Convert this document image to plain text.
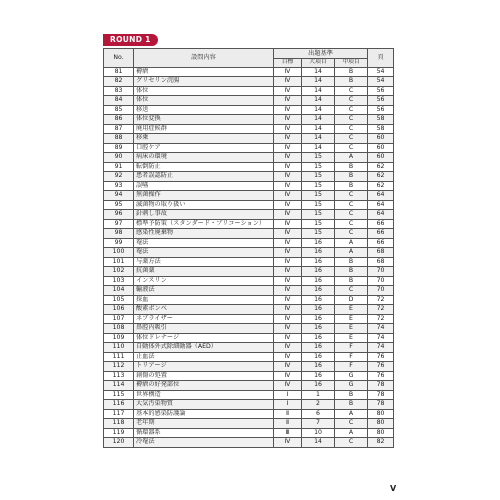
ROUND 1
No.	設問内容	出題基準			頁
		目標	大項目	中項目	
81	褥瘡	Ⅳ	14	B	54
82	グリセリン浣腸	Ⅳ	14	B	54
83	体位	Ⅳ	14	C	56
84	体位	Ⅳ	14	C	56
85	移送	Ⅳ	14	C	56
86	体位変換	Ⅳ	14	C	58
87	廃用症候群	Ⅳ	14	C	58
88	移乗	Ⅳ	14	C	60
89	口腔ケア	Ⅳ	14	C	60
90	病床の環境	Ⅳ	15	A	60
91	転倒防止	Ⅳ	15	B	62
92	患者誤認防止	Ⅳ	15	B	62
93	誤嚥	Ⅳ	15	B	62
94	無菌操作	Ⅳ	15	C	64
95	滅菌物の取り扱い	Ⅳ	15	C	64
96	針刺し事故	Ⅳ	15	C	64
97	標準予防策（スタンダード・プリコーション）	Ⅳ	15	C	66
98	感染性廃棄物	Ⅳ	15	C	66
99	罨法	Ⅳ	16	A	66
100	罨法	Ⅳ	16	A	68
101	与薬方法	Ⅳ	16	B	68
102	抗菌薬	Ⅳ	16	B	70
103	インスリン	Ⅳ	16	B	70
104	輸液法	Ⅳ	16	C	70
105	採血	Ⅳ	16	D	72
106	酸素ボンベ	Ⅳ	16	E	72
107	ネブライザー	Ⅳ	16	E	72
108	鼻腔内吸引	Ⅳ	16	E	74
109	体位ドレナージ	Ⅳ	16	E	74
110	自動体外式除細動器（AED）	Ⅳ	16	F	74
111	止血法	Ⅳ	16	F	76
112	トリアージ	Ⅳ	16	F	76
113	創傷の処置	Ⅳ	16	G	76
114	褥瘡の好発部位	Ⅳ	16	G	78
115	世界構造	Ⅰ	1	B	78
116	大気汚染物質	Ⅰ	2	B	78
117	基本的感染防護論	Ⅱ	6	A	80
118	老年期	Ⅱ	7	C	80
119	循環器系	Ⅲ	10	A	80
120	冷罨法	Ⅳ	14	C	82
V
